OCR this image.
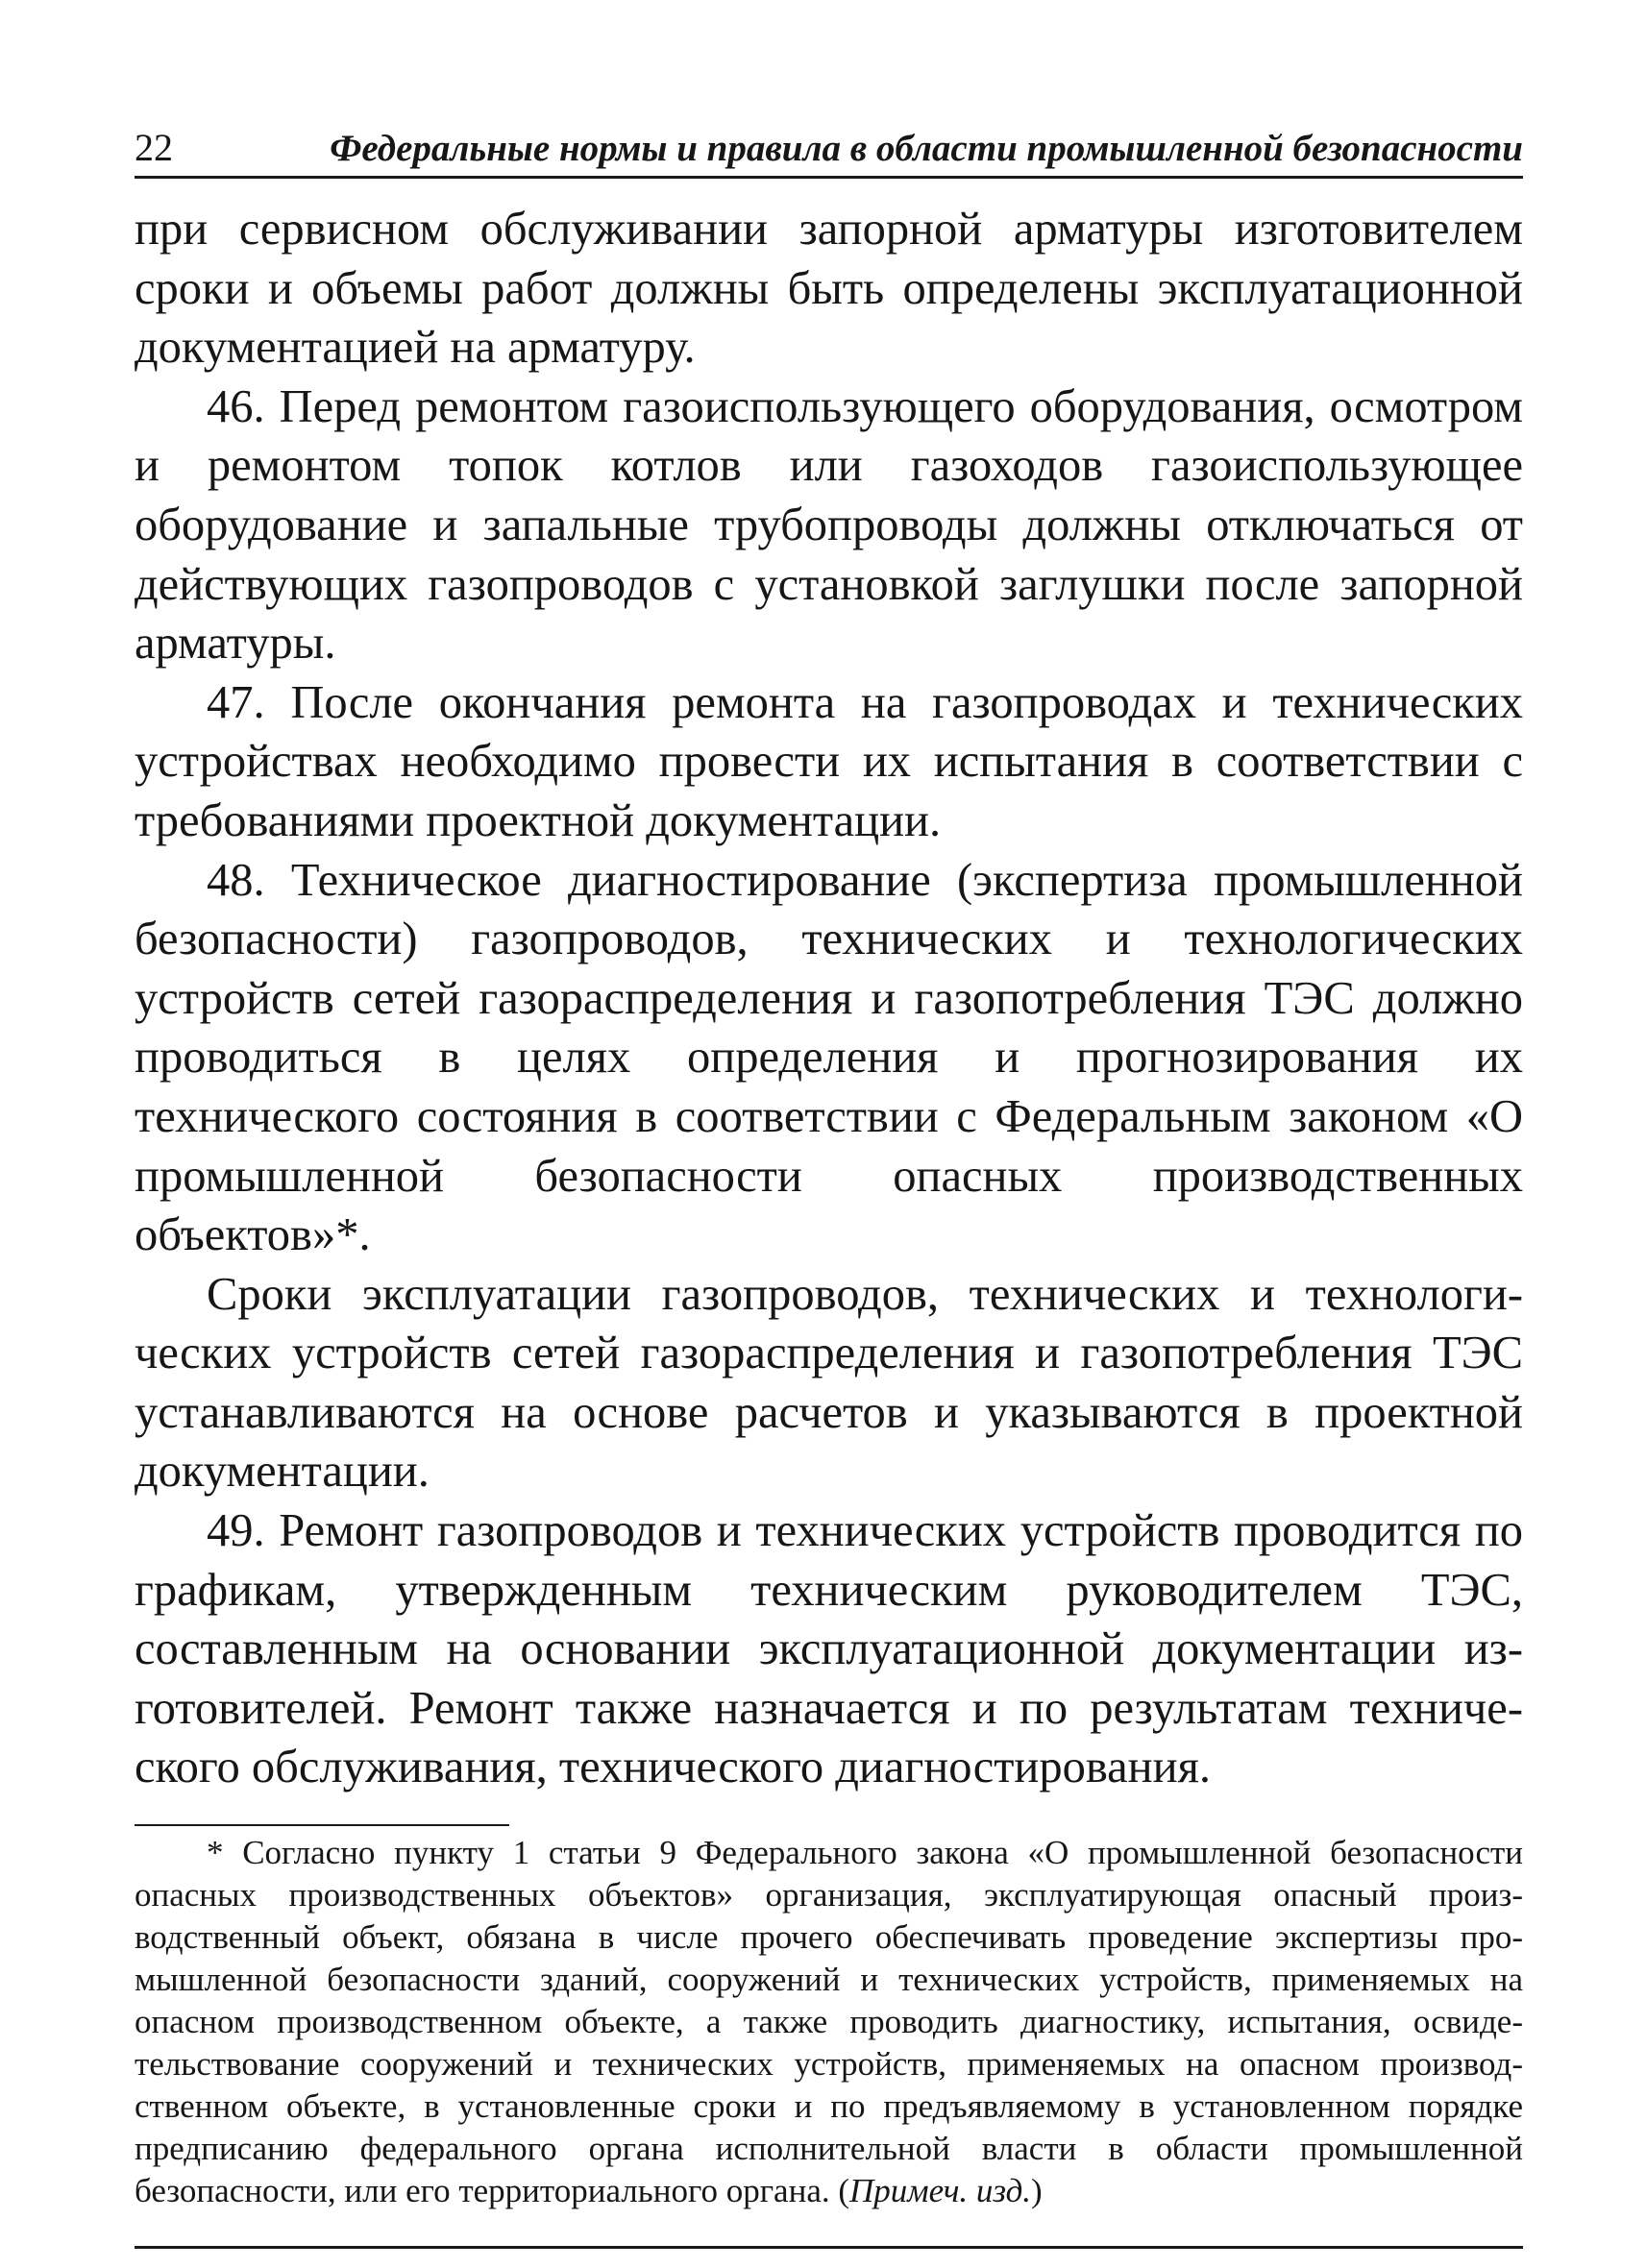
22	Федеральные нормы и правила в области промышленной безопасности

при сервисном обслуживании запорной арматуры изготовителем сроки и объемы работ должны быть определены эксплуатационной документацией на арматуру.

46. Перед ремонтом газоиспользующего оборудования, осмотром и ремонтом топок котлов или газоходов газоиспользующее оборудование и запальные трубопроводы должны отключаться от действующих газопроводов с установкой заглушки после запорной арматуры.

47. После окончания ремонта на газопроводах и технических устройствах необходимо провести их испытания в соответствии с требованиями проектной документации.

48. Техническое диагностирование (экспертиза промышленной безопасности) газопроводов, технических и технологических устройств сетей газораспределения и газопотребления ТЭС должно проводиться в целях определения и прогнозирования их технического состояния в соответствии с Федеральным законом «О промышленной безопасности опасных производственных объектов»*.

Сроки эксплуатации газопроводов, технических и технологических устройств сетей газораспределения и газопотребления ТЭС устанавливаются на основе расчетов и указываются в проектной документации.

49. Ремонт газопроводов и технических устройств проводится по графикам, утвержденным техническим руководителем ТЭС, составленным на основании эксплуатационной документации изготовителей. Ремонт также назначается и по результатам технического обслуживания, технического диагностирования.

* Согласно пункту 1 статьи 9 Федерального закона «О промышленной безопасности опасных производственных объектов» организация, эксплуатирующая опасный производственный объект, обязана в числе прочего обеспечивать проведение экспертизы промышленной безопасности зданий, сооружений и технических устройств, применяемых на опасном производственном объекте, а также проводить диагностику, испытания, освидетельствование сооружений и технических устройств, применяемых на опасном производственном объекте, в установленные сроки и по предъявляемому в установленном порядке предписанию федерального органа исполнительной власти в области промышленной безопасности, или его территориального органа. (Примеч. изд.)
